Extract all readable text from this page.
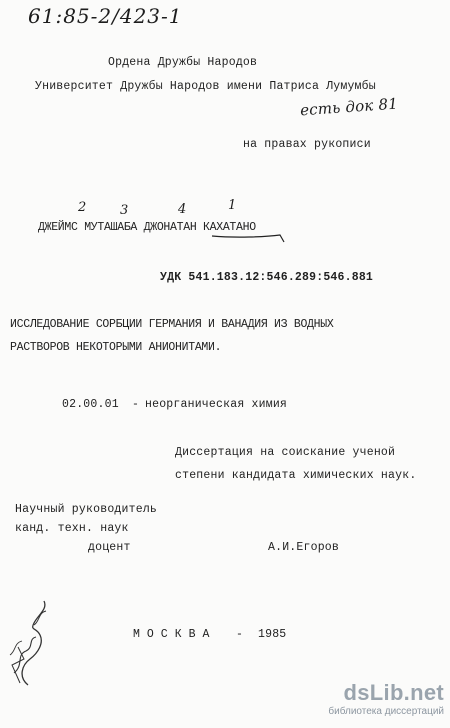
61:85-2/423-1
Ордена Дружбы Народов
Университет Дружбы Народов имени Патриса Лумумбы
есть док 81
на правах рукописи
2	3	4	1
ДЖЕЙМС МУТАШАБА ДЖОНАТАН КАХАТАНО
УДК 541.183.12:546.289:546.881
ИССЛЕДОВАНИЕ СОРБЦИИ ГЕРМАНИЯ И ВАНАДИЯ ИЗ ВОДНЫХ
РАСТВОРОВ НЕКОТОРЫМИ АНИОНИТАМИ.
02.00.01 - неорганическая химия
Диссертация на соискание ученой
степени кандидата химических наук.
Научный руководитель
канд. техн. наук
доцент	А.И.Егоров
МОСКВА - 1985
dsLib.net
библиотека диссертаций
